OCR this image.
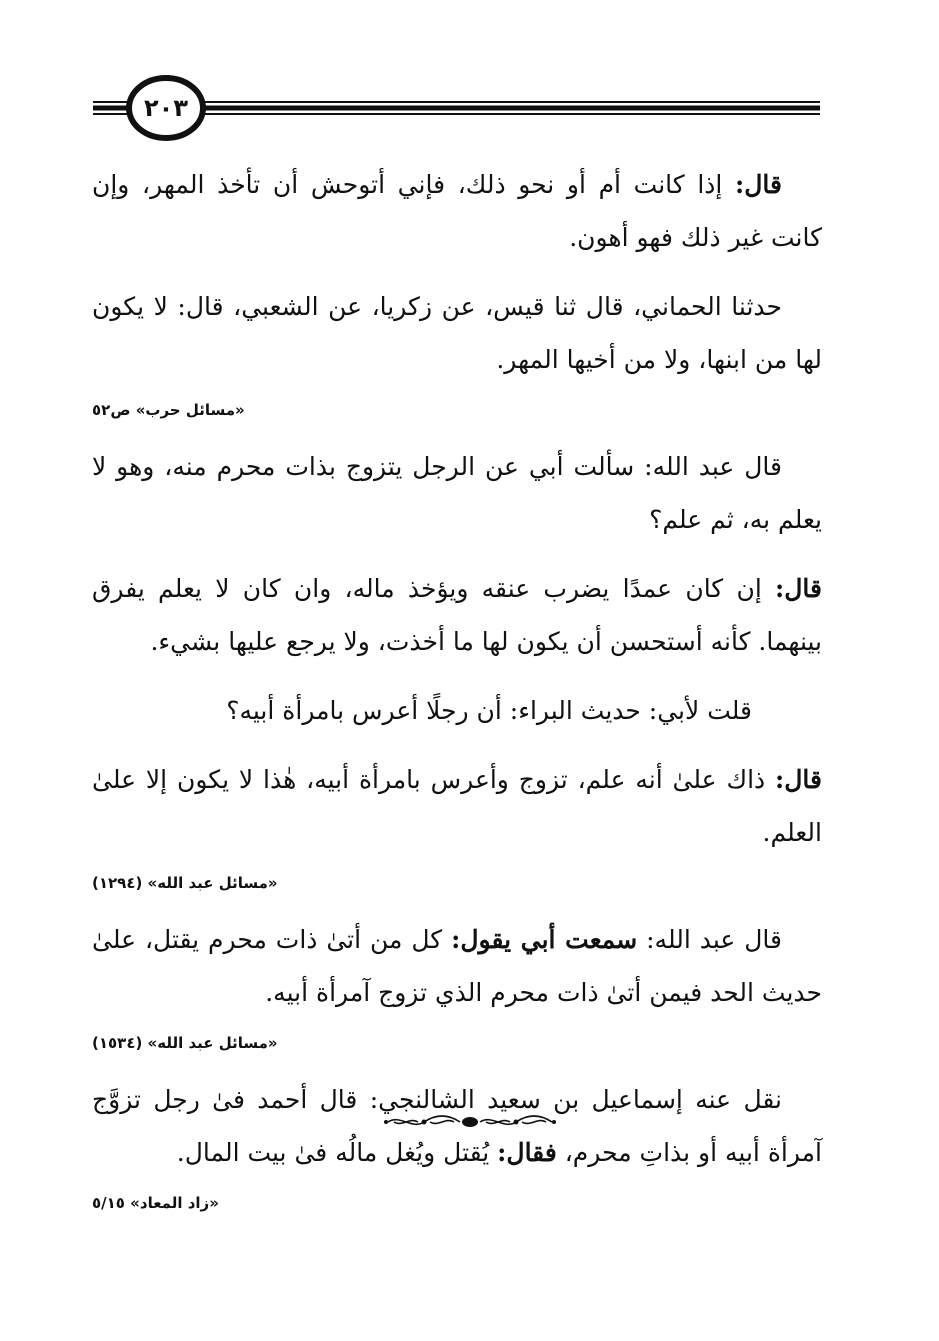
٢٠٣

قال: إذا كانت أم أو نحو ذلك، فإني أتوحش أن تأخذ المهر، وإن كانت غير ذلك فهو أهون.

حدثنا الحماني، قال ثنا قيس، عن زكريا، عن الشعبي، قال: لا يكون لها من ابنها، ولا من أخيها المهر.

«مسائل حرب» ص٥٢

قال عبد الله: سألت أبي عن الرجل يتزوج بذات محرم منه، وهو لا يعلم به، ثم علم؟

قال: إن كان عمدًا يضرب عنقه ويؤخذ ماله، وان كان لا يعلم يفرق بينهما. كأنه أستحسن أن يكون لها ما أخذت، ولا يرجع عليها بشيء.

قلت لأبي: حديث البراء: أن رجلًا أعرس بامرأة أبيه؟

قال: ذاك علىٰ أنه علم، تزوج وأعرس بامرأة أبيه، هٰذا لا يكون إلا علىٰ العلم.

«مسائل عبد الله» (١٢٩٤)

قال عبد الله: سمعت أبي يقول: كل من أتىٰ ذات محرم يقتل، علىٰ حديث الحد فيمن أتىٰ ذات محرم الذي تزوج آمرأة أبيه.

«مسائل عبد الله» (١٥٣٤)

نقل عنه إسماعيل بن سعيد الشالنجي: قال أحمد فىٰ رجل تزوَّج آمرأة أبيه أو بذاتِ محرم، فقال: يُقتل ويُغل مالُه فىٰ بيت المال.

«زاد المعاد» ٥/١٥
